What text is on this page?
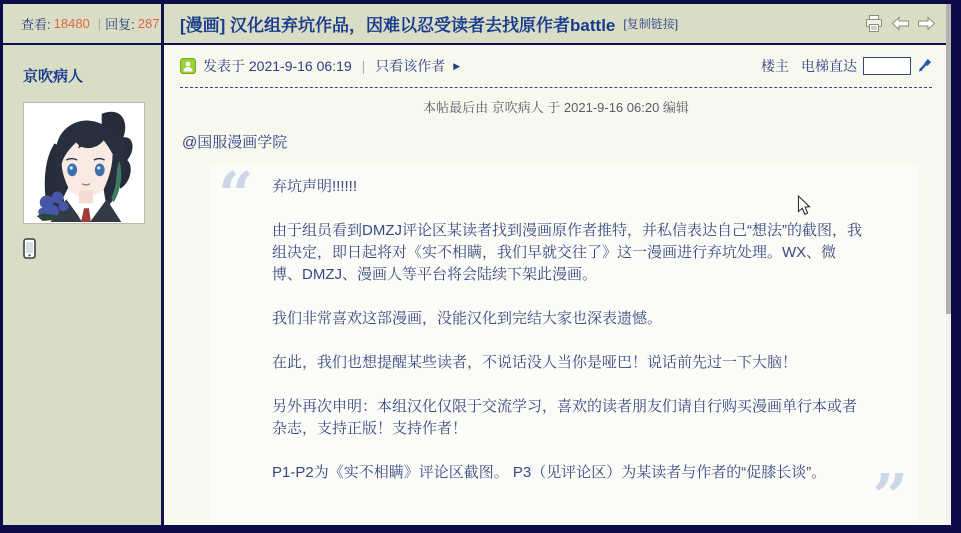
查看: 18480 | 回复: 287
京吹病人
[漫画] 汉化组弃坑作品，因难以忍受读者去找原作者battle [复制链接]
发表于 2021-9-16 06:19 | 只看该作者 ▶	楼主 电梯直达
本帖最后由 京吹病人 于 2021-9-16 06:20 编辑
@国服漫画学院
“ 弃坑声明!!!!!!

由于组员看到DMZJ评论区某读者找到漫画原作者推特，并私信表达自己“想法”的截图，我组决定，即日起将对《实不相瞒，我们早就交往了》这一漫画进行弃坑处理。WX、微博、DMZJ、漫画人等平台将会陆续下架此漫画。

我们非常喜欢这部漫画，没能汉化到完结大家也深表遗憾。

在此，我们也想提醒某些读者，不说话没人当你是哑巴！说话前先过一下大脑！

另外再次申明：本组汉化仅限于交流学习，喜欢的读者朋友们请自行购买漫画单行本或者杂志，支持正版！支持作者！

P1-P2为《实不相瞒》评论区截图。 P3（见评论区）为某读者与作者的“促膝长谈”。 ”
